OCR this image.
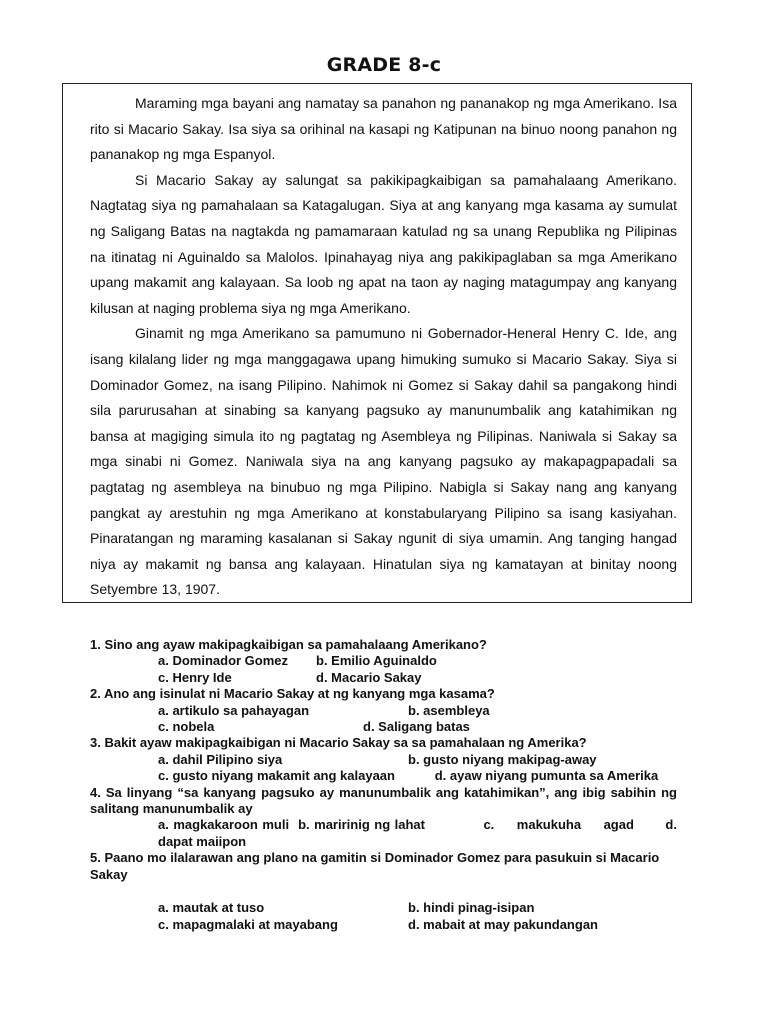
GRADE 8-c

Maraming mga bayani ang namatay sa panahon ng pananakop ng mga Amerikano. Isa rito si Macario Sakay. Isa siya sa orihinal na kasapi ng Katipunan na binuo noong panahon ng pananakop ng mga Espanyol.

Si Macario Sakay ay salungat sa pakikipagkaibigan sa pamahalaang Amerikano. Nagtatag siya ng pamahalaan sa Katagalugan. Siya at ang kanyang mga kasama ay sumulat ng Saligang Batas na nagtakda ng pamamaraan katulad ng sa unang Republika ng Pilipinas na itinatag ni Aguinaldo sa Malolos. Ipinahayag niya ang pakikipaglaban sa mga Amerikano upang makamit ang kalayaan. Sa loob ng apat na taon ay naging matagumpay ang kanyang kilusan at naging problema siya ng mga Amerikano.

Ginamit ng mga Amerikano sa pamumuno ni Gobernador-Heneral Henry C. Ide, ang isang kilalang lider ng mga manggagawa upang himuking sumuko si Macario Sakay. Siya si Dominador Gomez, na isang Pilipino. Nahimok ni Gomez si Sakay dahil sa pangakong hindi sila parurusahan at sinabing sa kanyang pagsuko ay manunumbalik ang katahimikan ng bansa at magiging simula ito ng pagtatag ng Asembleya ng Pilipinas. Naniwala si Sakay sa mga sinabi ni Gomez. Naniwala siya na ang kanyang pagsuko ay makapagpapadali sa pagtatag ng asembleya na binubuo ng mga Pilipino. Nabigla si Sakay nang ang kanyang pangkat ay arestuhin ng mga Amerikano at konstabularyang Pilipino sa isang kasiyahan. Pinaratangan ng maraming kasalanan si Sakay ngunit di siya umamin. Ang tanging hangad niya ay makamit ng bansa ang kalayaan. Hinatulan siya ng kamatayan at binitay noong Setyembre 13, 1907.

1. Sino ang ayaw makipagkaibigan sa pamahalaang Amerikano?
a. Dominador Gomez	b. Emilio Aguinaldo
c. Henry Ide	d. Macario Sakay
2. Ano ang isinulat ni Macario Sakay at ng kanyang mga kasama?
a. artikulo sa pahayagan	b. asembleya
c. nobela	d. Saligang batas
3. Bakit ayaw makipagkaibigan ni Macario Sakay sa sa pamahalaan ng Amerika?
a. dahil Pilipino siya	b. gusto niyang makipag-away
c. gusto niyang makamit ang kalayaan	d. ayaw niyang pumunta sa Amerika
4. Sa linyang “sa kanyang pagsuko ay manunumbalik ang katahimikan”, ang ibig sabihin ng salitang manunumbalik ay
a. magkakaroon muli b. maririnig ng lahat	c. makukuha agad d. dapat maiipon
5. Paano mo ilalarawan ang plano na gamitin si Dominador Gomez para pasukuin si Macario Sakay
a. mautak at tuso	b. hindi pinag-isipan
c. mapagmalaki at mayabang	d. mabait at may pakundangan
